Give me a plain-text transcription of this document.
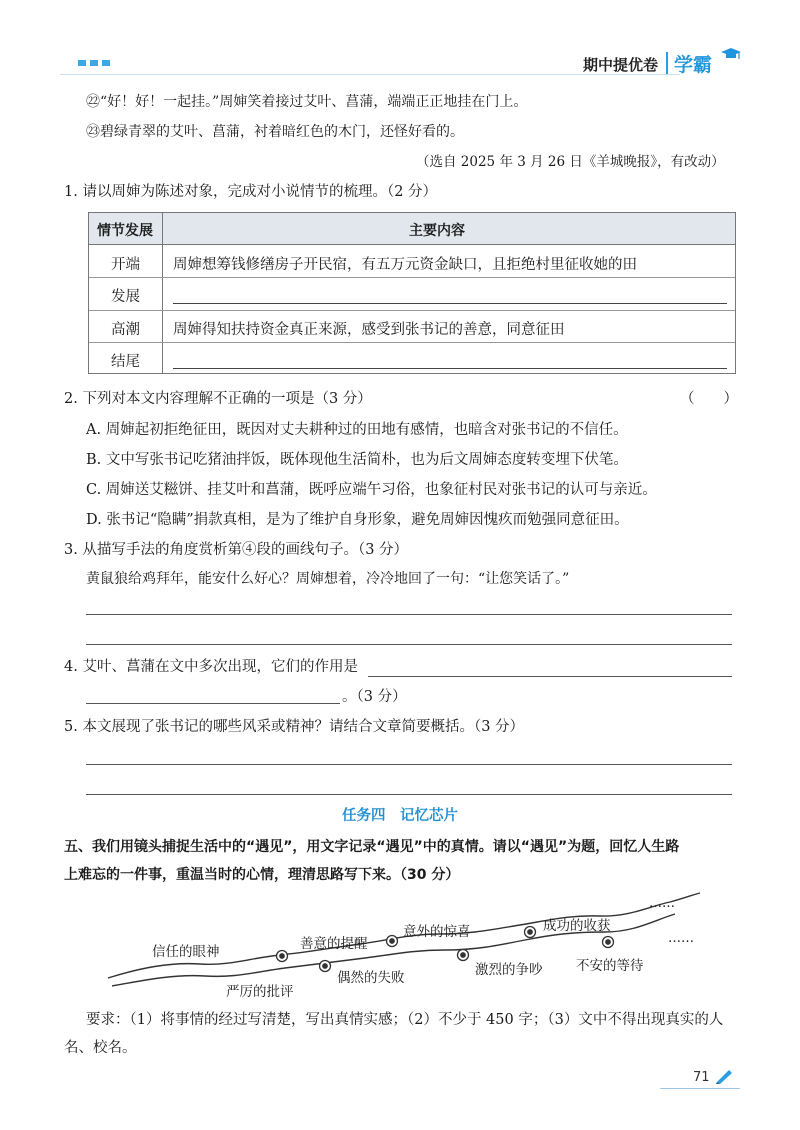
期中提优卷 学霸
㉒“好！好！一起挂。”周婶笑着接过艾叶、菖蒲，端端正正地挂在门上。
㉓碧绿青翠的艾叶、菖蒲，衬着暗红色的木门，还怪好看的。
（选自 2025 年 3 月 26 日《羊城晚报》，有改动）
1. 请以周婶为陈述对象，完成对小说情节的梳理。（2 分）
情节发展	主要内容
开端 周婶想筹钱修缮房子开民宿，有五万元资金缺口，且拒绝村里征收她的田
发展
高潮 周婶得知扶持资金真正来源，感受到张书记的善意，同意征田
结尾
2. 下列对本文内容理解不正确的一项是（3 分）	（　　）
A. 周婶起初拒绝征田，既因对丈夫耕种过的田地有感情，也暗含对张书记的不信任。
B. 文中写张书记吃猪油拌饭，既体现他生活简朴，也为后文周婶态度转变埋下伏笔。
C. 周婶送艾糍饼、挂艾叶和菖蒲，既呼应端午习俗，也象征村民对张书记的认可与亲近。
D. 张书记“隐瞒”捐款真相，是为了维护自身形象，避免周婶因愧疚而勉强同意征田。
3. 从描写手法的角度赏析第④段的画线句子。（3 分）
黄鼠狼给鸡拜年，能安什么好心？周婶想着，冷冷地回了一句：“让您笑话了。”
4. 艾叶、菖蒲在文中多次出现，它们的作用是
。（3 分）
5. 本文展现了张书记的哪些风采或精神？请结合文章简要概括。（3 分）
任务四　记忆芯片
五、我们用镜头捕捉生活中的“遇见”，用文字记录“遇见”中的真情。请以“遇见”为题，回忆人生路
上难忘的一件事，重温当时的心情，理清思路写下来。（30 分）
信任的眼神	善意的提醒
意外的惊喜	成功的收获
严厉的批评
偶然的失败	激烈的争吵 不安的等待
……
……
要求：（1）将事情的经过写清楚，写出真情实感；（2）不少于 450 字；（3）文中不得出现真实的人
名、校名。
71
